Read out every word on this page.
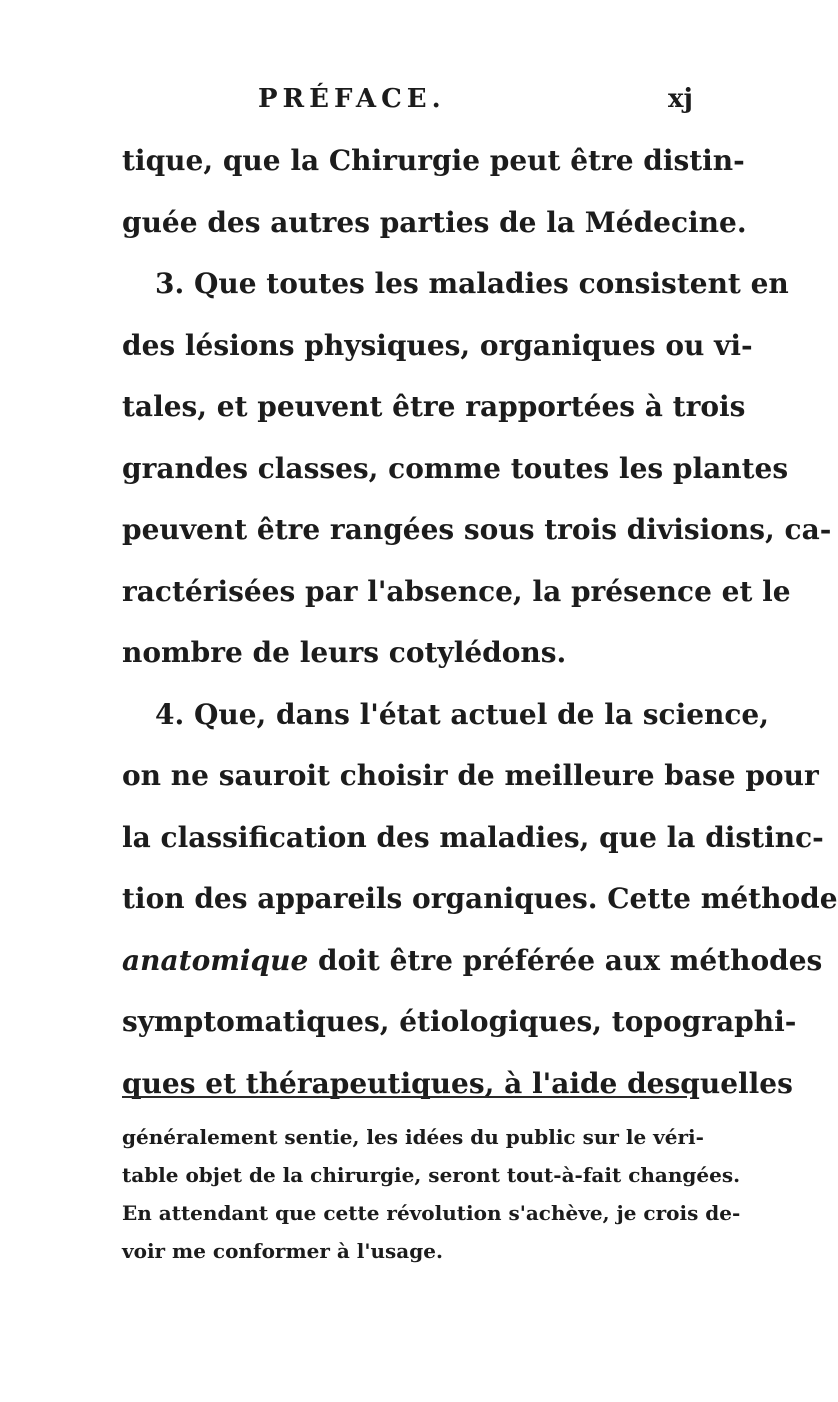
PRÉFACE.	xj
tique, que la Chirurgie peut être distin-
guée des autres parties de la Médecine.
3. Que toutes les maladies consistent en
des lésions physiques, organiques ou vi-
tales, et peuvent être rapportées à trois
grandes classes, comme toutes les plantes
peuvent être rangées sous trois divisions, ca-
ractérisées par l'absence, la présence et le
nombre de leurs cotylédons.
4. Que, dans l'état actuel de la science,
on ne sauroit choisir de meilleure base pour
la classification des maladies, que la distinc-
tion des appareils organiques. Cette méthode
anatomique doit être préférée aux méthodes
symptomatiques, étiologiques, topographi-
ques et thérapeutiques, à l'aide desquelles
généralement sentie, les idées du public sur le véri-
table objet de la chirurgie, seront tout-à-fait changées.
En attendant que cette révolution s'achève, je crois de-
voir me conformer à l'usage.
